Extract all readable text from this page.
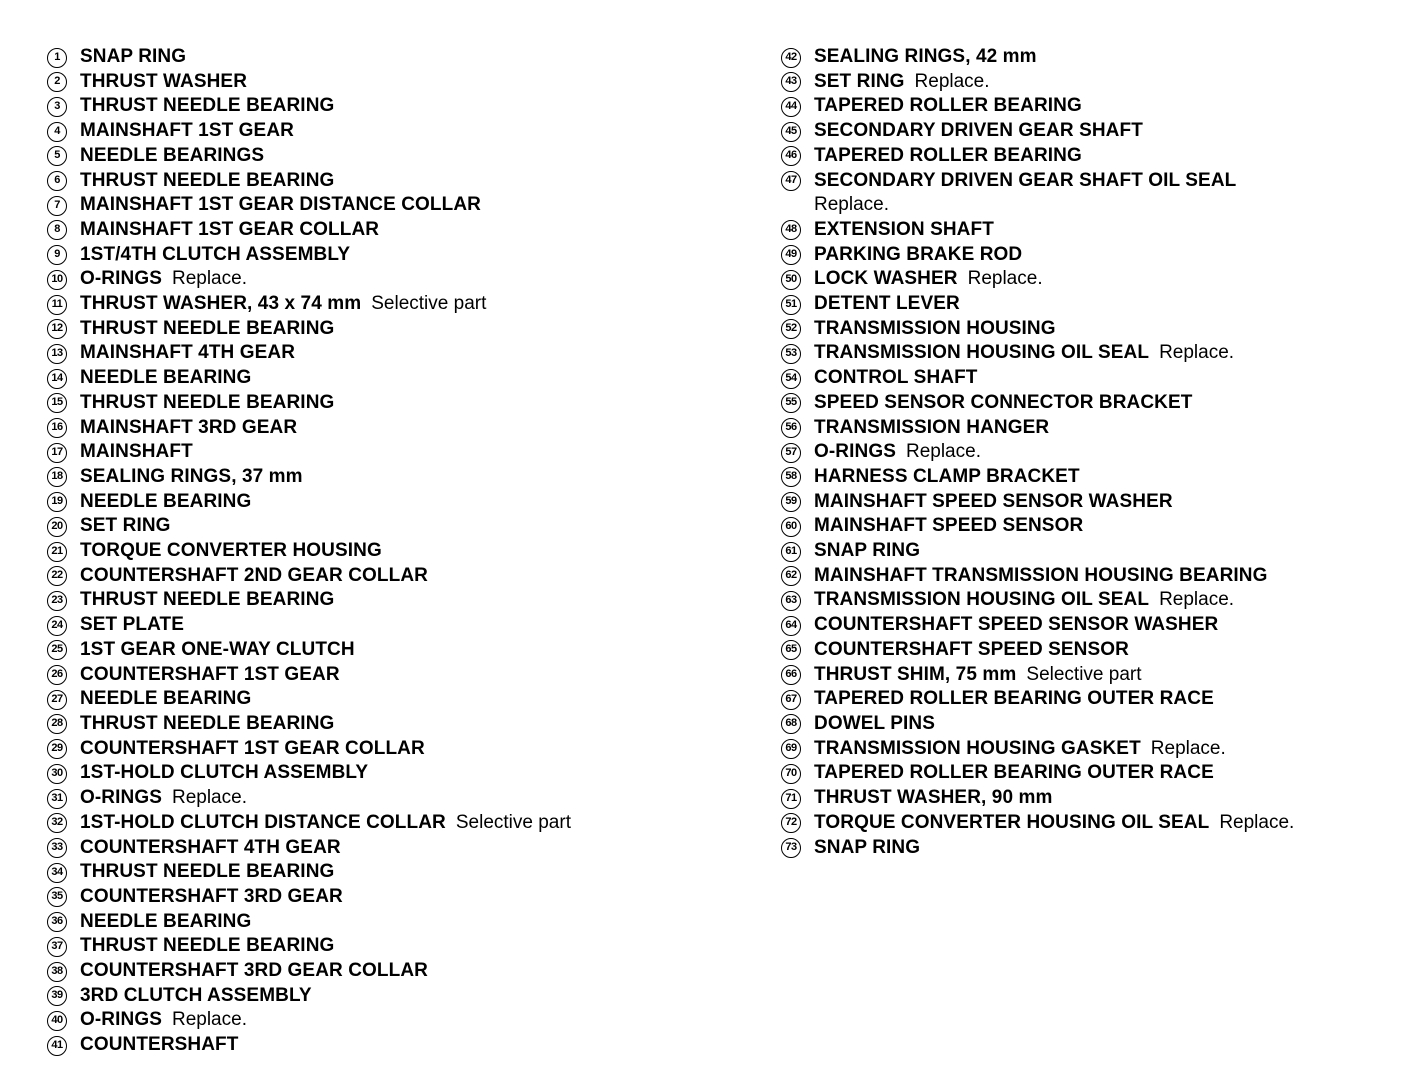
1	SNAP RING
2	THRUST WASHER
3	THRUST NEEDLE BEARING
4	MAINSHAFT 1ST GEAR
5	NEEDLE BEARINGS
6	THRUST NEEDLE BEARING
7	MAINSHAFT 1ST GEAR DISTANCE COLLAR
8	MAINSHAFT 1ST GEAR COLLAR
9	1ST/4TH CLUTCH ASSEMBLY
10 O-RINGS Replace.
11 THRUST WASHER, 43 x 74 mm Selective part
12 THRUST NEEDLE BEARING
13 MAINSHAFT 4TH GEAR
14 NEEDLE BEARING
15 THRUST NEEDLE BEARING
16 MAINSHAFT 3RD GEAR
17 MAINSHAFT
18 SEALING RINGS, 37 mm
19 NEEDLE BEARING
20 SET RING
21 TORQUE CONVERTER HOUSING
22 COUNTERSHAFT 2ND GEAR COLLAR
23 THRUST NEEDLE BEARING
24 SET PLATE
25 1ST GEAR ONE-WAY CLUTCH
26 COUNTERSHAFT 1ST GEAR
27 NEEDLE BEARING
28 THRUST NEEDLE BEARING
29 COUNTERSHAFT 1ST GEAR COLLAR
30 1ST-HOLD CLUTCH ASSEMBLY
31 O-RINGS Replace.
32 1ST-HOLD CLUTCH DISTANCE COLLAR Selective part
33 COUNTERSHAFT 4TH GEAR
34 THRUST NEEDLE BEARING
35 COUNTERSHAFT 3RD GEAR
36 NEEDLE BEARING
37 THRUST NEEDLE BEARING
38 COUNTERSHAFT 3RD GEAR COLLAR
39 3RD CLUTCH ASSEMBLY
40 O-RINGS Replace.
41 COUNTERSHAFT
42 SEALING RINGS, 42 mm
43 SET RING Replace.
44 TAPERED ROLLER BEARING
45 SECONDARY DRIVEN GEAR SHAFT
46 TAPERED ROLLER BEARING
47 SECONDARY DRIVEN GEAR SHAFT OIL SEAL
Replace.
48 EXTENSION SHAFT
49 PARKING BRAKE ROD
50 LOCK WASHER Replace.
51 DETENT LEVER
52 TRANSMISSION HOUSING
53 TRANSMISSION HOUSING OIL SEAL Replace.
54 CONTROL SHAFT
55 SPEED SENSOR CONNECTOR BRACKET
56 TRANSMISSION HANGER
57 O-RINGS Replace.
58 HARNESS CLAMP BRACKET
59 MAINSHAFT SPEED SENSOR WASHER
60 MAINSHAFT SPEED SENSOR
61 SNAP RING
62 MAINSHAFT TRANSMISSION HOUSING BEARING
63 TRANSMISSION HOUSING OIL SEAL Replace.
64 COUNTERSHAFT SPEED SENSOR WASHER
65 COUNTERSHAFT SPEED SENSOR
66 THRUST SHIM, 75 mm Selective part
67 TAPERED ROLLER BEARING OUTER RACE
68 DOWEL PINS
69 TRANSMISSION HOUSING GASKET Replace.
70 TAPERED ROLLER BEARING OUTER RACE
71 THRUST WASHER, 90 mm
72 TORQUE CONVERTER HOUSING OIL SEAL Replace.
73 SNAP RING
